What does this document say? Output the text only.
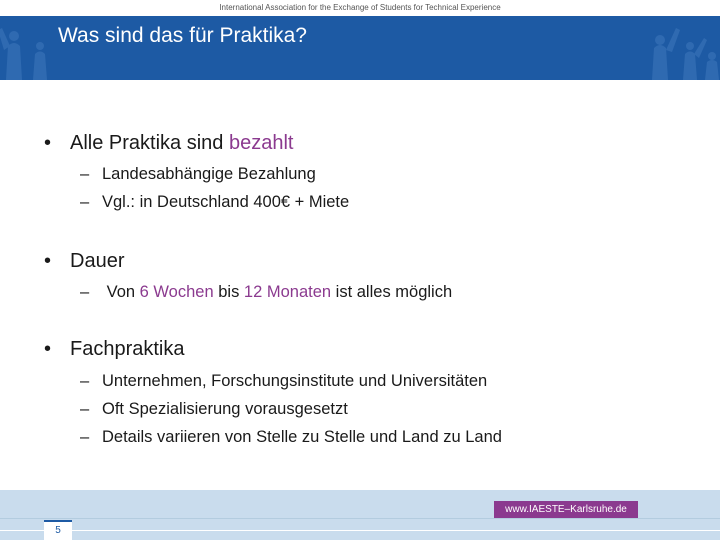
International Association for the Exchange of Students for Technical Experience
Was sind das für Praktika?
• Alle Praktika sind bezahlt
– Landesabhängige Bezahlung
– Vgl.: in Deutschland 400€ + Miete
• Dauer
– Von 6 Wochen bis 12 Monaten ist alles möglich
• Fachpraktika
– Unternehmen, Forschungsinstitute und Universitäten
– Oft Spezialisierung vorausgesetzt
– Details variieren von Stelle zu Stelle und Land zu Land
www.IAESTE–Karlsruhe.de
5
